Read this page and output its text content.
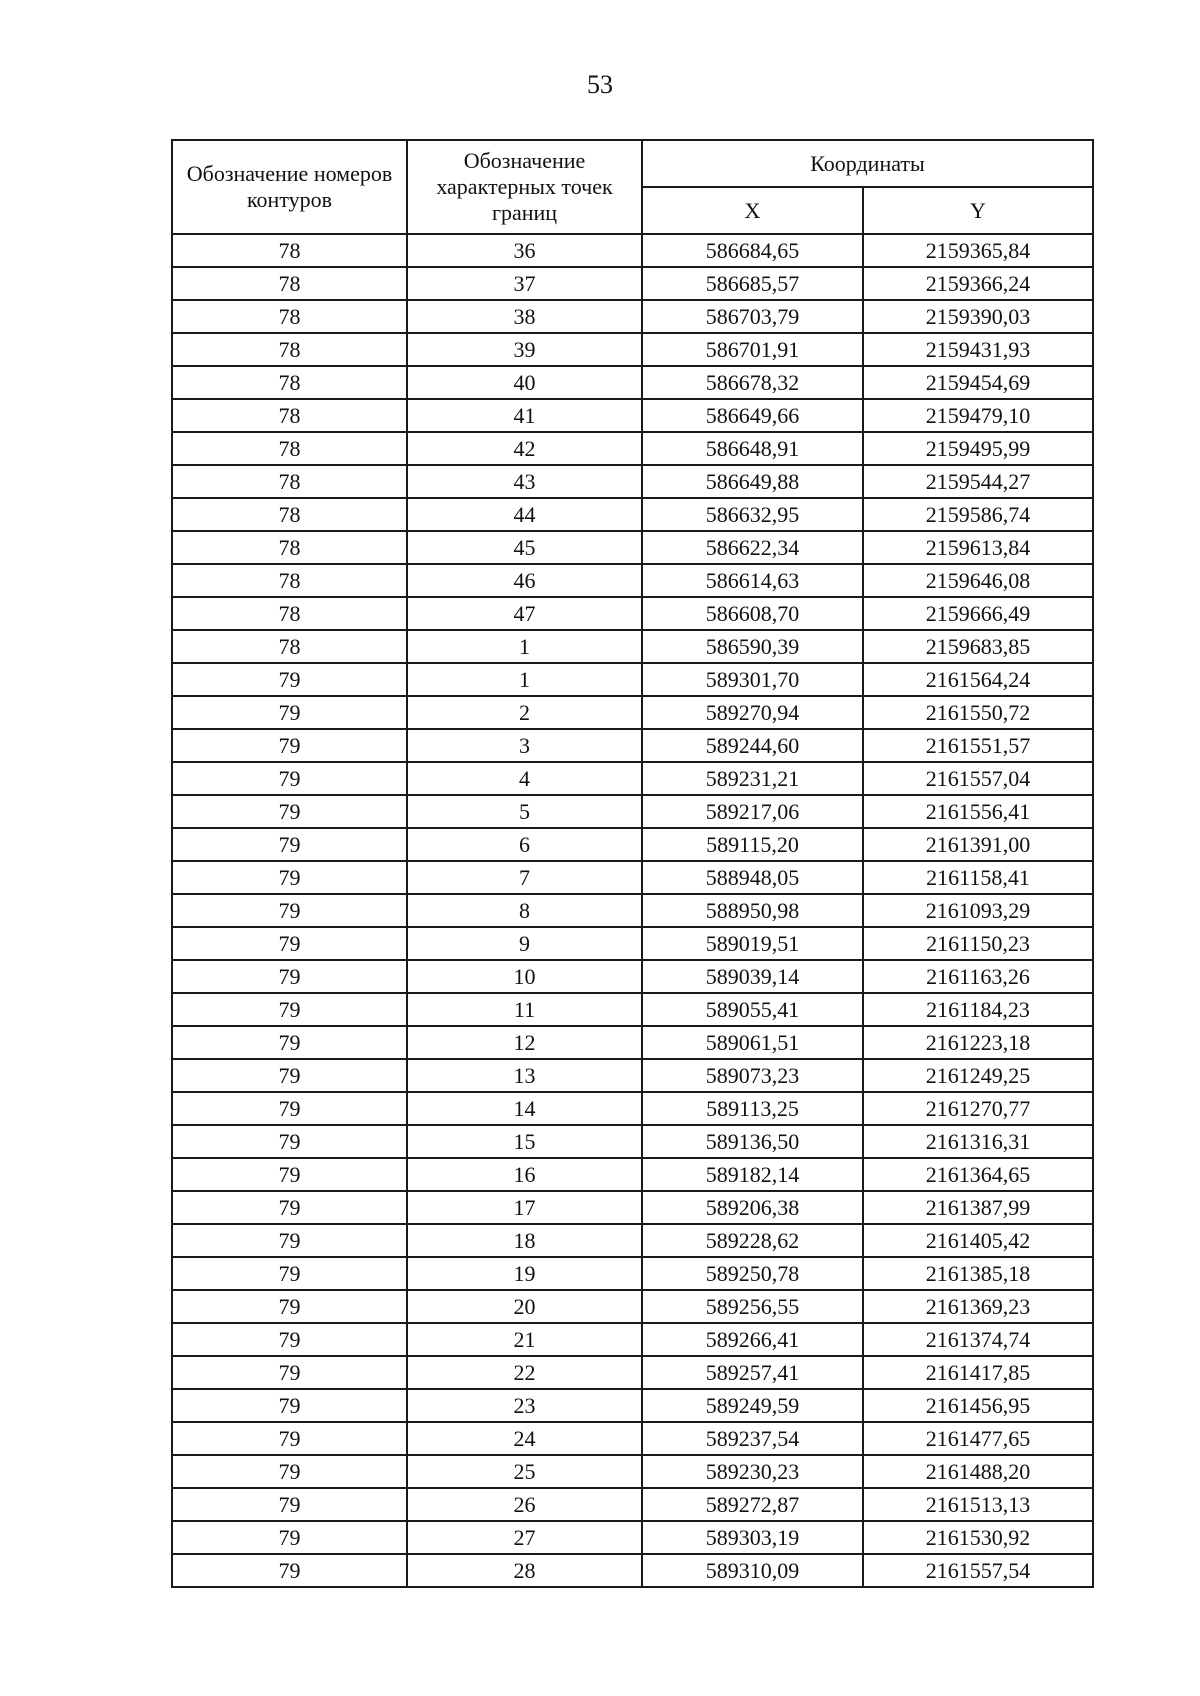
53
Обозначение номеров контуров	Обозначение характерных точек границ	Координаты	
		X	Y
78	36	586684,65	2159365,84
78	37	586685,57	2159366,24
78	38	586703,79	2159390,03
78	39	586701,91	2159431,93
78	40	586678,32	2159454,69
78	41	586649,66	2159479,10
78	42	586648,91	2159495,99
78	43	586649,88	2159544,27
78	44	586632,95	2159586,74
78	45	586622,34	2159613,84
78	46	586614,63	2159646,08
78	47	586608,70	2159666,49
78	1	586590,39	2159683,85
79	1	589301,70	2161564,24
79	2	589270,94	2161550,72
79	3	589244,60	2161551,57
79	4	589231,21	2161557,04
79	5	589217,06	2161556,41
79	6	589115,20	2161391,00
79	7	588948,05	2161158,41
79	8	588950,98	2161093,29
79	9	589019,51	2161150,23
79	10	589039,14	2161163,26
79	11	589055,41	2161184,23
79	12	589061,51	2161223,18
79	13	589073,23	2161249,25
79	14	589113,25	2161270,77
79	15	589136,50	2161316,31
79	16	589182,14	2161364,65
79	17	589206,38	2161387,99
79	18	589228,62	2161405,42
79	19	589250,78	2161385,18
79	20	589256,55	2161369,23
79	21	589266,41	2161374,74
79	22	589257,41	2161417,85
79	23	589249,59	2161456,95
79	24	589237,54	2161477,65
79	25	589230,23	2161488,20
79	26	589272,87	2161513,13
79	27	589303,19	2161530,92
79	28	589310,09	2161557,54
